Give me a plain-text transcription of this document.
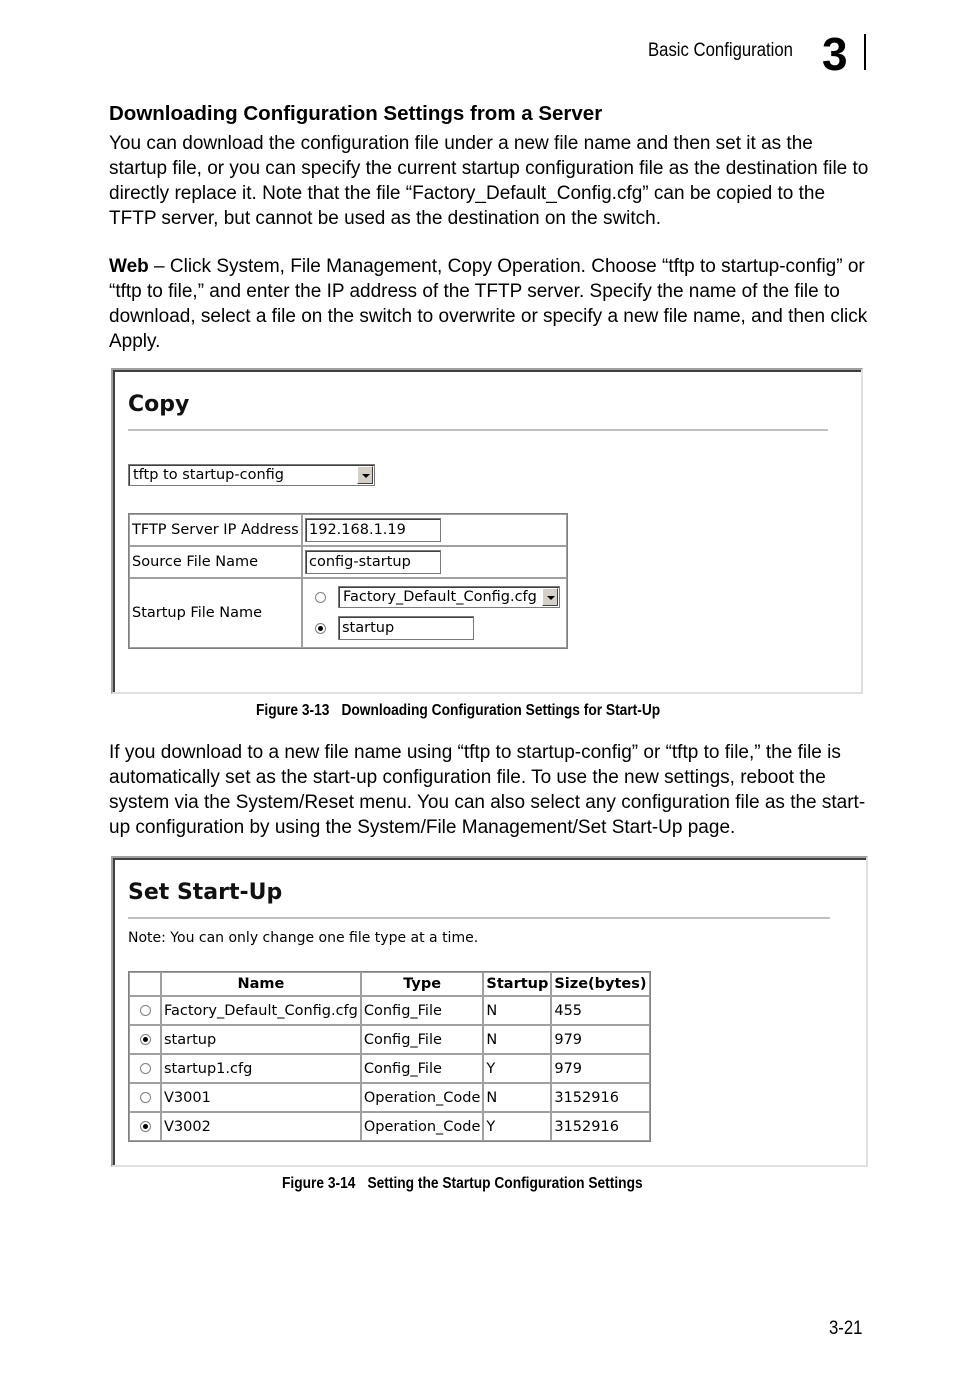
Basic Configuration 3
Downloading Configuration Settings from a Server
You can download the configuration file under a new file name and then set it as the startup file, or you can specify the current startup configuration file as the destination file to directly replace it. Note that the file “Factory_Default_Config.cfg” can be copied to the TFTP server, but cannot be used as the destination on the switch.
Web – Click System, File Management, Copy Operation. Choose “tftp to startup-config” or “tftp to file,” and enter the IP address of the TFTP server. Specify the name of the file to download, select a file on the switch to overwrite or specify a new file name, and then click Apply.
Copy
tftp to startup-config
TFTP Server IP Address	192.168.1.19

Source File Name	config-startup

Startup File Name	Factory_Default_Config.cfg
startup
Figure 3-13 Downloading Configuration Settings for Start-Up
If you download to a new file name using “tftp to startup-config” or “tftp to file,” the file is automatically set as the start-up configuration file. To use the new settings, reboot the system via the System/Reset menu. You can also select any configuration file as the start-up configuration by using the System/File Management/Set Start-Up page.
Set Start-Up
Note: You can only change one file type at a time.
	Name	Type	Startup	Size(bytes)
	Factory_Default_Config.cfg	Config_File	N	455
	startup	Config_File	N	979
	startup1.cfg	Config_File	Y	979
	V3001	Operation_Code	N	3152916
	V3002	Operation_Code	Y	3152916
Figure 3-14 Setting the Startup Configuration Settings
3-21
